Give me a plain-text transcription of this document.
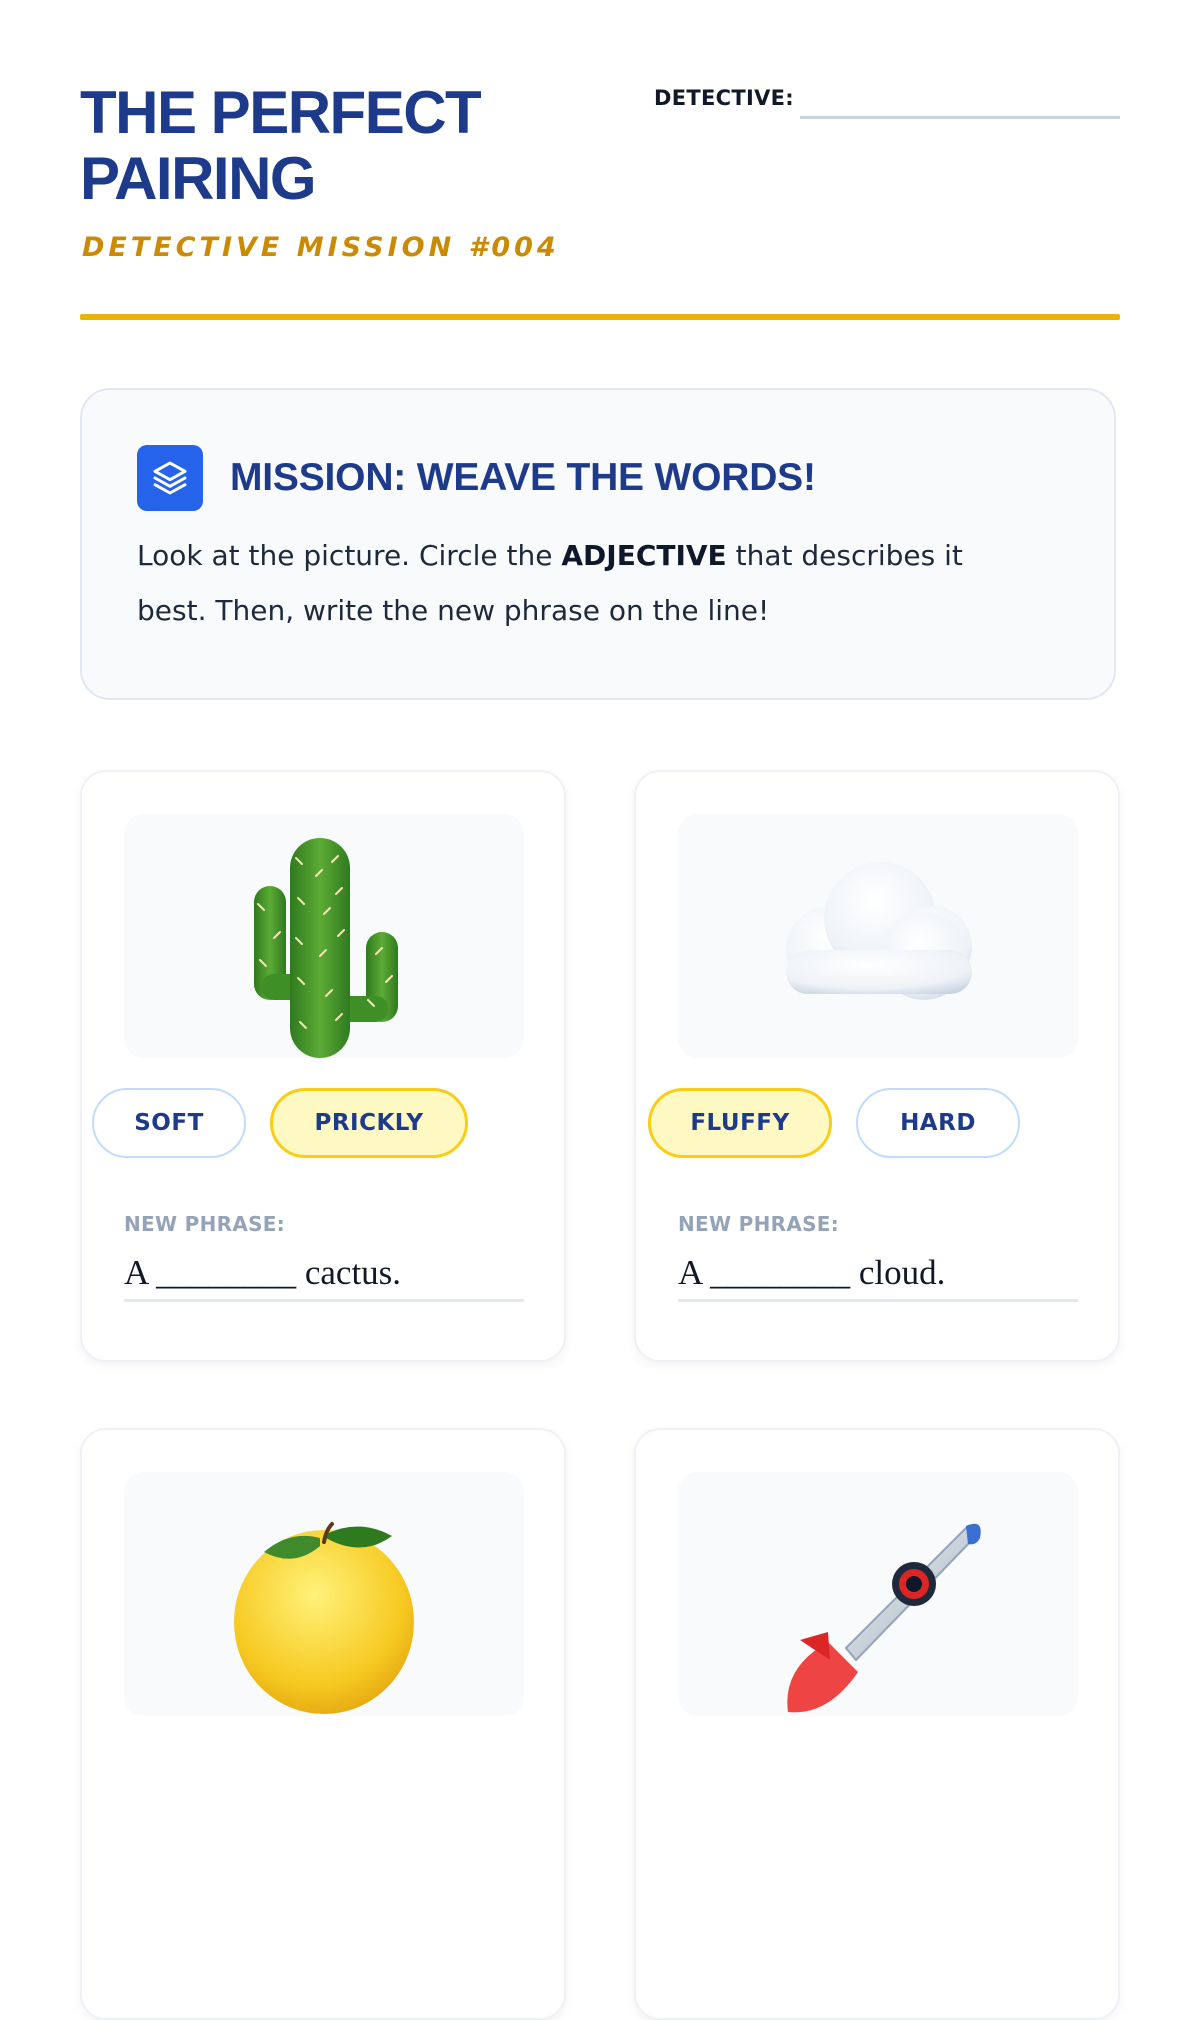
THE PERFECT
PAIRING
DETECTIVE MISSION #004
DETECTIVE:
MISSION: WEAVE THE WORDS!
Look at the picture. Circle the ADJECTIVE that describes it best. Then, write the new phrase on the line!
SOFT	PRICKLY
NEW PHRASE:
A ________ cactus.
FLUFFY	HARD
NEW PHRASE:
A ________ cloud.
